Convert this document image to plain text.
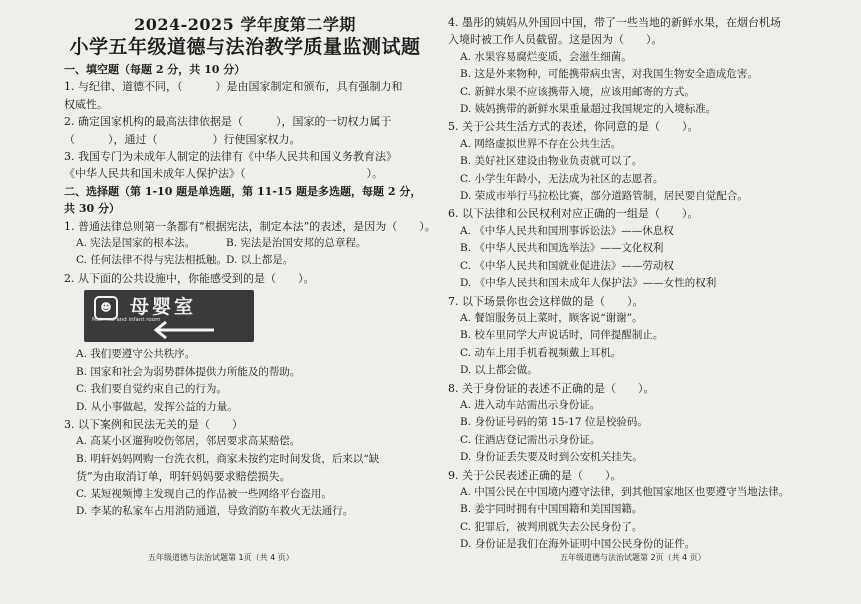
2024-2025 学年度第二学期
小学五年级道德与法治教学质量监测试题
一、填空题（每题 2 分，共 10 分）
1. 与纪律、道德不同，（　　　）是由国家制定和颁布，具有强制力和
权威性。
2. 确定国家机构的最高法律依据是（　　　），国家的一切权力属于
（　　　），通过（　　　　　）行使国家权力。
3. 我国专门为未成年人制定的法律有《中华人民共和国义务教育法》
《中华人民共和国未成年人保护法》（　　　　　　　　　　　）。
二、选择题（第 1-10 题是单选题，第 11-15 题是多选题，每题 2 分，
共 30 分）
1. 普通法律总则第一条都有“根据宪法，制定本法”的表述，是因为（　　）。
A. 宪法是国家的根本法。	B. 宪法是治国安邦的总章程。
C. 任何法律不得与宪法相抵触。D. 以上都是。
2. 从下面的公共设施中，你能感受到的是（　　）。
☻ 母婴室
Matrmal and infant room
A. 我们要遵守公共秩序。
B. 国家和社会为弱势群体提供力所能及的帮助。
C. 我们要自觉约束自己的行为。
D. 从小事做起，发挥公益的力量。
3. 以下案例和民法无关的是（　　）
A. 高某小区遛狗咬伤邻居，邻居要求高某赔偿。
B. 明轩妈妈网购一台洗衣机，商家未按约定时间发货，后来以“缺
货”为由取消订单，明轩妈妈要求赔偿损失。
C. 某短视频博主发现自己的作品被一些网络平台盗用。
D. 李某的私家车占用消防通道，导致消防车救火无法通行。
4. 墨彤的姨妈从外国回中国，带了一些当地的新鲜水果，在烟台机场
入境时被工作人员截留。这是因为（　　）。
A. 水果容易腐烂变质，会滋生细菌。
B. 这是外来物种，可能携带病虫害，对我国生物安全造成危害。
C. 新鲜水果不应该携带入境，应该用邮寄的方式。
D. 姨妈携带的新鲜水果重量超过我国规定的入境标准。
5. 关于公共生活方式的表述，你同意的是（　　）。
A. 网络虚拟世界不存在公共生活。
B. 美好社区建设由物业负责就可以了。
C. 小学生年龄小，无法成为社区的志愿者。
D. 荣成市举行马拉松比赛，部分道路管制，居民要自觉配合。
6. 以下法律和公民权利对应正确的一组是（　　）。
A. 《中华人民共和国刑事诉讼法》——休息权
B. 《中华人民共和国选举法》——文化权利
C. 《中华人民共和国就业促进法》——劳动权
D. 《中华人民共和国未成年人保护法》——女性的权利
7. 以下场景你也会这样做的是（　　）。
A. 餐馆服务员上菜时，顾客说“谢谢”。
B. 校车里同学大声说话时，同伴提醒制止。
C. 动车上用手机看视频戴上耳机。
D. 以上都会做。
8. 关于身份证的表述不正确的是（　　）。
A. 进入动车站需出示身份证。
B. 身份证号码的第 15-17 位是校验码。
C. 住酒店登记需出示身份证。
D. 身份证丢失要及时到公安机关挂失。
9. 关于公民表述正确的是（　　）。
A. 中国公民在中国境内遵守法律，到其他国家地区也要遵守当地法律。
B. 姜宇同时拥有中国国籍和美国国籍。
C. 犯罪后，被判刑就失去公民身份了。
D. 身份证是我们在海外证明中国公民身份的证件。
五年级道德与法治试题第 1页（共 4 页）	五年级道德与法治试题第 2页（共 4 页）
